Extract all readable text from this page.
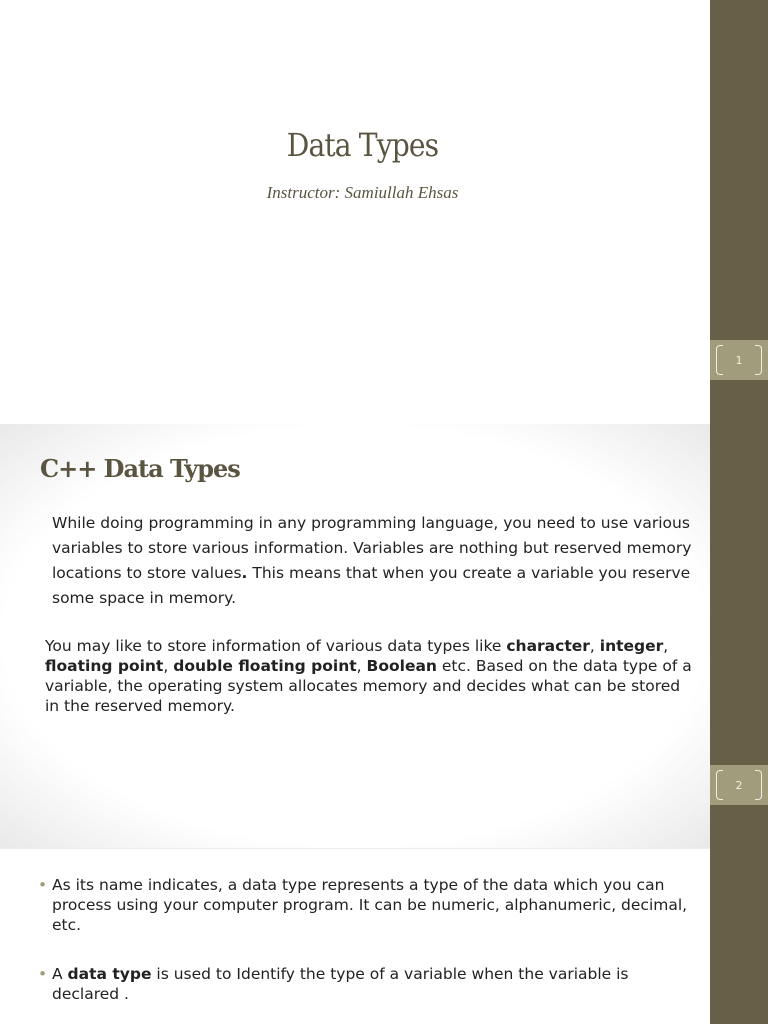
Data Types
Instructor: Samiullah Ehsas
C++ Data Types
While doing programming in any programming language, you need to use various variables to store various information. Variables are nothing but reserved memory locations to store values. This means that when you create a variable you reserve some space in memory.
You may like to store information of various data types like character, integer, floating point, double floating point, Boolean etc. Based on the data type of a variable, the operating system allocates memory and decides what can be stored in the reserved memory.
• As its name indicates, a data type represents a type of the data which you can process using your computer program. It can be numeric, alphanumeric, decimal, etc.
• A data type is used to Identify the type of a variable when the variable is declared .
1
2
